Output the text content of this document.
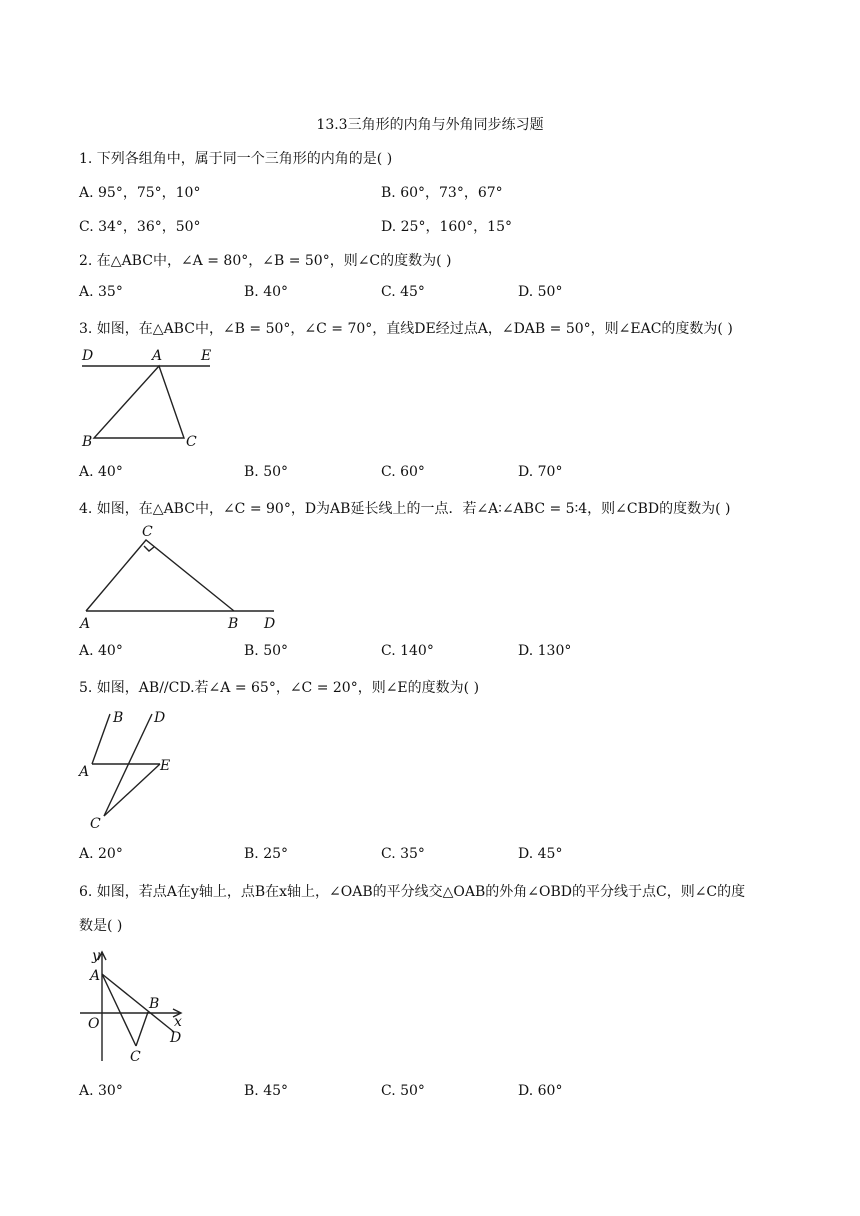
13.3三角形的内角与外角同步练习题
1. 下列各组角中，属于同一个三角形的内角的是( )
A. 95°，75°，10°	B. 60°，73°，67°
C. 34°，36°，50°	D. 25°，160°，15°
2. 在△ABC中，∠A = 80°，∠B = 50°，则∠C的度数为( )
A. 35°	B. 40°	C. 45°	D. 50°
3. 如图，在△ABC中，∠B = 50°，∠C = 70°，直线DE经过点A，∠DAB = 50°，则∠EAC的度数为( )
D	A	E
B	C
A. 40°	B. 50°	C. 60°	D. 70°
4. 如图，在△ABC中，∠C = 90°，D为AB延长线上的一点．若∠A∶∠ABC = 5∶4，则∠CBD的度数为( )
C
A	B D
A. 40°	B. 50°	C. 140°	D. 130°
5. 如图，AB//CD.若∠A = 65°，∠C = 20°，则∠E的度数为( )
B D
A	E
C
A. 20°	B. 25°	C. 35°	D. 45°
6. 如图，若点A在y轴上，点B在x轴上，∠OAB的平分线交△OAB的外角∠OBD的平分线于点C，则∠C的度
数是( )
y
A
B
O	x
D
C
A. 30°	B. 45°	C. 50°	D. 60°
